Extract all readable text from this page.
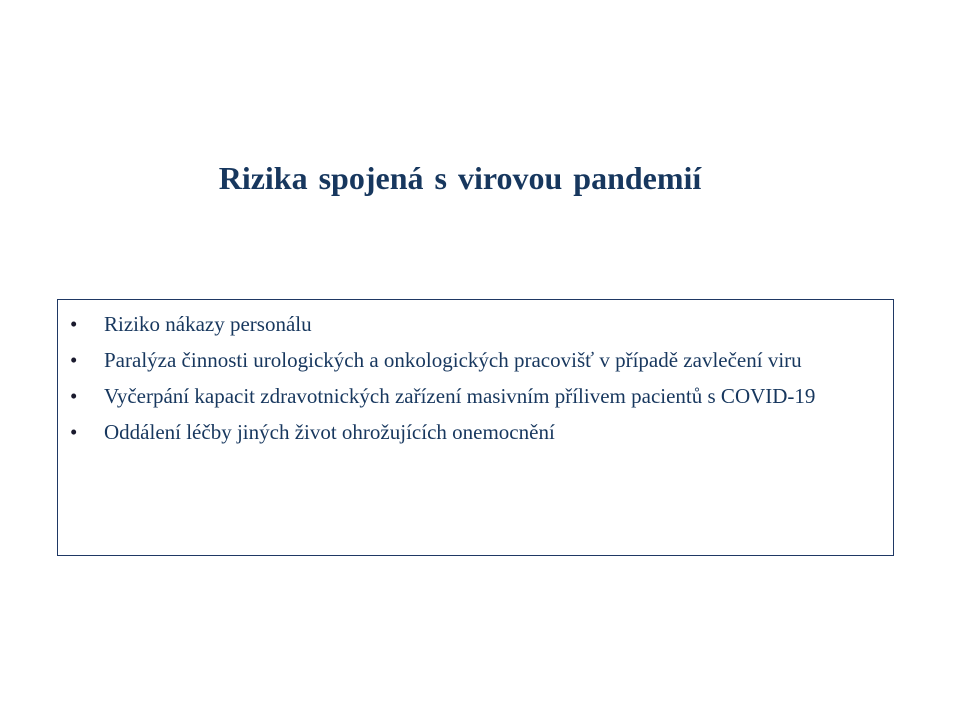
Rizika spojená s virovou pandemií
• Riziko nákazy personálu
• Paralýza činnosti urologických a onkologických pracovišť v případě zavlečení viru
• Vyčerpání kapacit zdravotnických zařízení masivním přílivem pacientů s COVID-19
• Oddálení léčby jiných život ohrožujících onemocnění
